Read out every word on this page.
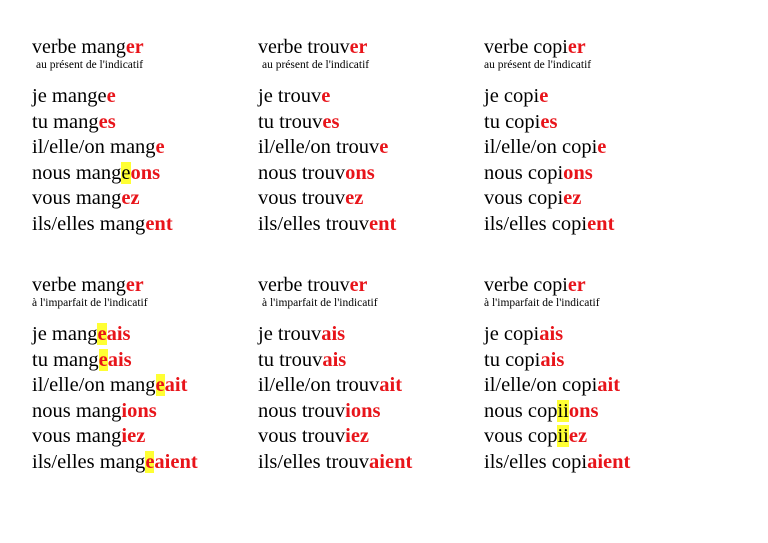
verbe manger
au présent de l'indicatif
je mangee
tu manges
il/elle/on mange
nous mangeons
vous mangez
ils/elles mangent
verbe trouver
au présent de l'indicatif
je trouve
tu trouves
il/elle/on trouve
nous trouvons
vous trouvez
ils/elles trouvent
verbe copier
au présent de l'indicatif
je copie
tu copies
il/elle/on copie
nous copions
vous copiez
ils/elles copient
verbe manger
à l'imparfait de l'indicatif
je mangeais
tu mangeais
il/elle/on mangeait
nous mangions
vous mangiez
ils/elles mangeaient
verbe trouver
à l'imparfait de l'indicatif
je trouvais
tu trouvais
il/elle/on trouvait
nous trouvions
vous trouviez
ils/elles trouvaient
verbe copier
à l'imparfait de l'indicatif
je copiais
tu copiais
il/elle/on copiait
nous copiions
vous copiiez
ils/elles copiaient
